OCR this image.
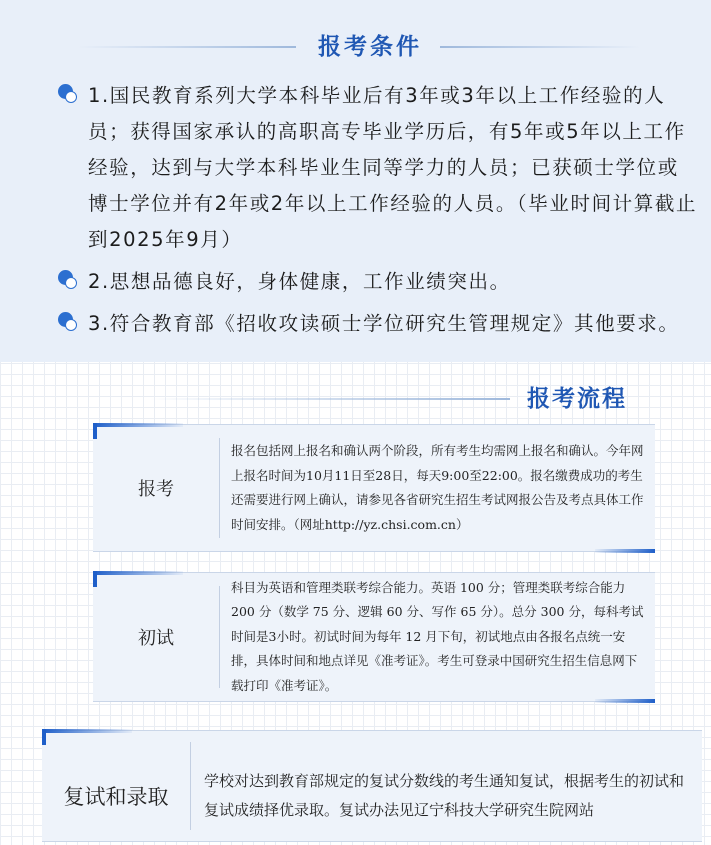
报考条件
1.国民教育系列大学本科毕业后有3年或3年以上工作经验的人员；获得国家承认的高职高专毕业学历后，有5年或5年以上工作经验，达到与大学本科毕业生同等学力的人员；已获硕士学位或博士学位并有2年或2年以上工作经验的人员。（毕业时间计算截止到2025年9月）
2.思想品德良好，身体健康，工作业绩突出。
3.符合教育部《招收攻读硕士学位研究生管理规定》其他要求。
报考流程
报考
报名包括网上报名和确认两个阶段，所有考生均需网上报名和确认。今年网上报名时间为10月11日至28日，每天9:00至22:00。报名缴费成功的考生还需要进行网上确认，请参见各省研究生招生考试网报公告及考点具体工作时间安排。（网址http://yz.chsi.com.cn）
初试
科目为英语和管理类联考综合能力。英语 100 分；管理类联考综合能力 200 分（数学 75 分、逻辑 60 分、写作 65 分）。总分 300 分，每科考试时间是3小时。初试时间为每年 12 月下旬，初试地点由各报名点统一安排，具体时间和地点详见《准考证》。考生可登录中国研究生招生信息网下载打印《准考证》。
复试和录取
学校对达到教育部规定的复试分数线的考生通知复试，根据考生的初试和复试成绩择优录取。复试办法见辽宁科技大学研究生院网站
